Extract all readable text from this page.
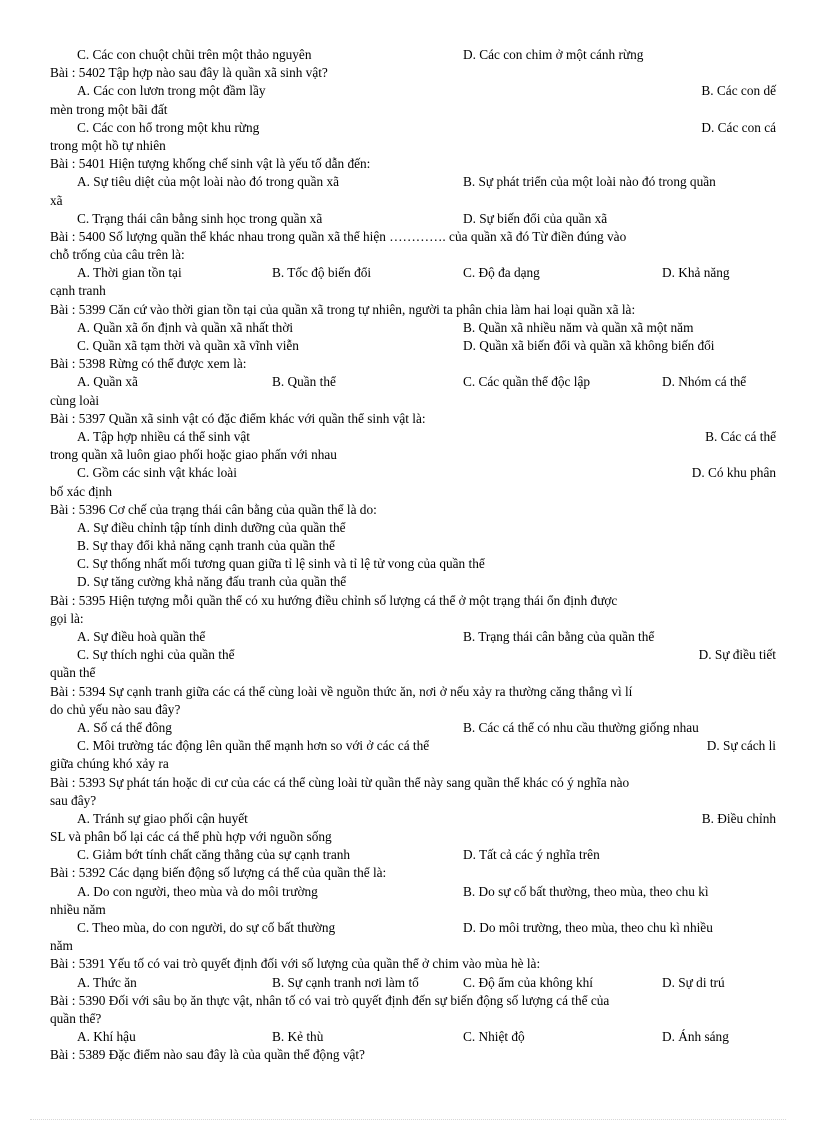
C. Các con chuột chũi trên một thảo nguyên	D. Các con chim ở một cánh rừng
Bài : 5402 Tập hợp nào sau đây là quần xã sinh vật?
A. Các con lươn trong một đầm lầy	B. Các con dế
mèn trong một bãi đất
C. Các con hổ trong một khu rừng	D. Các con cá
trong một hồ tự nhiên
Bài : 5401 Hiện tượng khống chế sinh vật là yếu tố dẫn đến:
A. Sự tiêu diệt của một loài nào đó trong quần xã	B. Sự phát triển của một loài nào đó trong quần
xã
C. Trạng thái cân bằng sinh học trong quần xã	D. Sự biến đổi của quần xã
Bài : 5400 Số lượng quần thể khác nhau trong quần xã thể hiện …………. của quần xã đó Từ điền đúng vào
chỗ trống của câu trên là:
A. Thời gian tồn tại	B. Tốc độ biến đổi	C. Độ đa dạng	D. Khả năng
cạnh tranh
Bài : 5399 Căn cứ vào thời gian tồn tại của quần xã trong tự nhiên, người ta phân chia làm hai loại quần xã là:
A. Quần xã ổn định và quần xã nhất thời	B. Quần xã nhiều năm và quần xã một năm
C. Quần xã tạm thời và quần xã vĩnh viễn	D. Quần xã biến đổi và quần xã không biến đổi
Bài : 5398 Rừng có thể được xem là:
A. Quần xã	B. Quần thể	C. Các quần thể độc lập	D. Nhóm cá thể
cùng loài
Bài : 5397 Quần xã sinh vật có đặc điểm khác với quần thể sinh vật là:
A. Tập hợp nhiều cá thể sinh vật	B. Các cá thể
trong quần xã luôn giao phối hoặc giao phấn với nhau
C. Gồm các sinh vật khác loài	D. Có khu phân
bố xác định
Bài : 5396 Cơ chế của trạng thái cân bằng của quần thể là do:
A. Sự điều chỉnh tập tính dinh dưỡng của quần thể
B. Sự thay đổi khả năng cạnh tranh của quần thể
C. Sự thống nhất mối tương quan giữa tỉ lệ sinh và tỉ lệ tử vong của quần thể
D. Sự tăng cường khả năng đấu tranh của quần thể
Bài : 5395 Hiện tượng mỗi quần thể có xu hướng điều chỉnh số lượng cá thể ở một trạng thái ổn định được
gọi là:
A. Sự điều hoà quần thể	B. Trạng thái cân bằng của quần thể
C. Sự thích nghi của quần thể	D. Sự điều tiết
quần thể
Bài : 5394 Sự cạnh tranh giữa các cá thể cùng loài về nguồn thức ăn, nơi ở nếu xảy ra thường căng thẳng vì lí
do chủ yếu nào sau đây?
A. Số cá thể đông	B. Các cá thể có nhu cầu thường giống nhau
C. Môi trường tác động lên quần thể mạnh hơn so với ở các cá thể	D. Sự cách li
giữa chúng khó xảy ra
Bài : 5393 Sự phát tán hoặc di cư của các cá thể cùng loài từ quần thể này sang quần thể khác có ý nghĩa nào
sau đây?
A. Tránh sự giao phối cận huyết	B. Điều chỉnh
SL và phân bố lại các cá thể phù hợp với nguồn sống
C. Giảm bớt tính chất căng thẳng của sự cạnh tranh	D. Tất cả các ý nghĩa trên
Bài : 5392 Các dạng biến động số lượng cá thể của quần thể là:
A. Do con người, theo mùa và do môi trường	B. Do sự cố bất thường, theo mùa, theo chu kì
nhiều năm
C. Theo mùa, do con người, do sự cố bất thường	D. Do môi trường, theo mùa, theo chu kì nhiều
năm
Bài : 5391 Yếu tố có vai trò quyết định đối với số lượng của quần thể ở chim vào mùa hè là:
A. Thức ăn	B. Sự cạnh tranh nơi làm tổ	C. Độ ẩm của không khí	D. Sự di trú
Bài : 5390 Đối với sâu bọ ăn thực vật, nhân tố có vai trò quyết định đến sự biến động số lượng cá thể của
quần thể?
A. Khí hậu	B. Kẻ thù	C. Nhiệt độ	D. Ánh sáng
Bài : 5389 Đặc điểm nào sau đây là của quần thể động vật?
